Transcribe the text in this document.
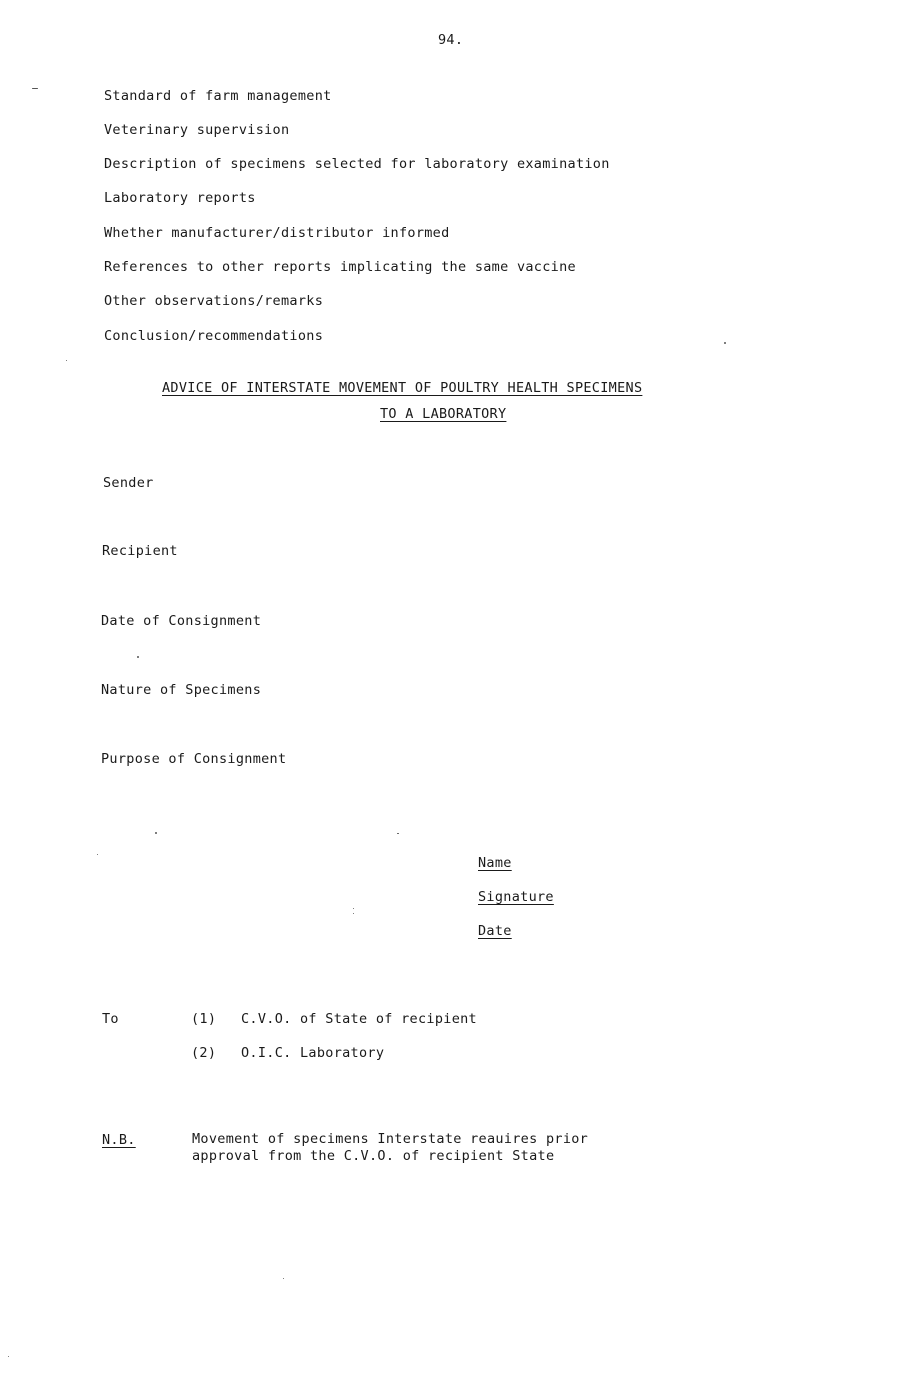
94.
Standard of farm management
Veterinary supervision
Description of specimens selected for laboratory examination
Laboratory reports
Whether manufacturer/distributor informed
References to other reports implicating the same vaccine
Other observations/remarks
Conclusion/recommendations
ADVICE OF INTERSTATE MOVEMENT OF POULTRY HEALTH SPECIMENS
TO A LABORATORY
Sender
Recipient
Date of Consignment
Nature of Specimens
Purpose of Consignment
Name
Signature
Date
To	(1) C.V.O. of State of recipient
(2) O.I.C. Laboratory
N.B.	Movement of specimens Interstate reauires prior
approval from the C.V.O. of recipient State
